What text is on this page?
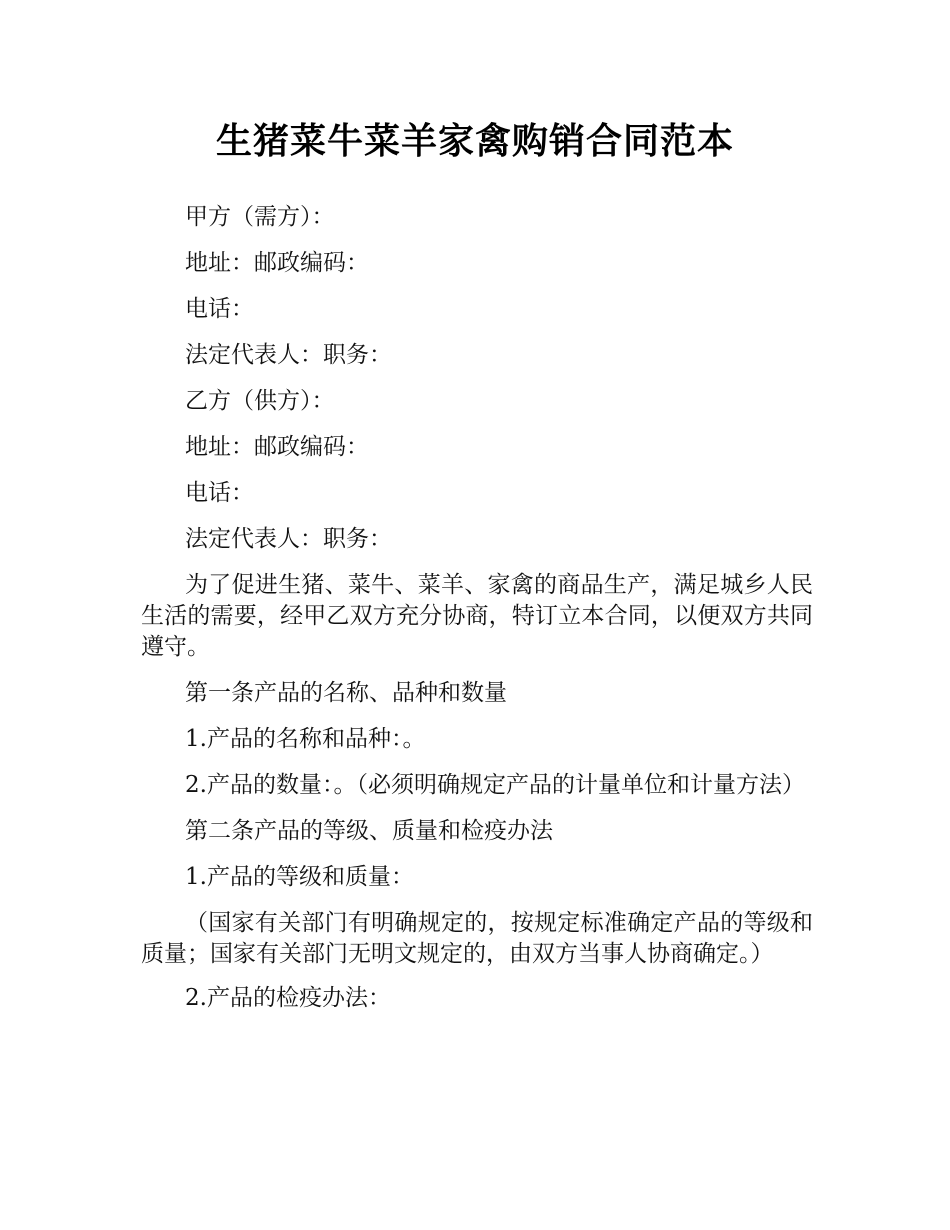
生猪菜牛菜羊家禽购销合同范本

甲方（需方）：

地址：邮政编码：

电话：

法定代表人：职务：

乙方（供方）：

地址：邮政编码：

电话：

法定代表人：职务：

为了促进生猪、菜牛、菜羊、家禽的商品生产，满足城乡人民生活的需要，经甲乙双方充分协商，特订立本合同，以便双方共同遵守。

第一条产品的名称、品种和数量

1.产品的名称和品种：。

2.产品的数量：。（必须明确规定产品的计量单位和计量方法）

第二条产品的等级、质量和检疫办法

1.产品的等级和质量：

（国家有关部门有明确规定的，按规定标准确定产品的等级和质量；国家有关部门无明文规定的，由双方当事人协商确定。）

2.产品的检疫办法：
